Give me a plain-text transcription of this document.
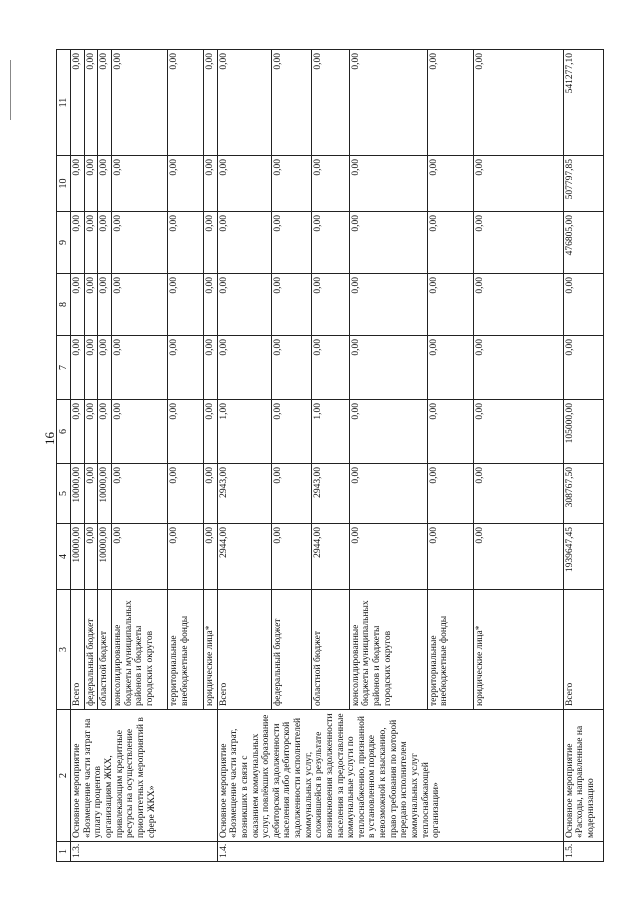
16
1	2	3	4	5	6	7	8	9	10	11
1.3.	Основное мероприятие «Возмещение части затрат на уплату процентов организациям ЖКХ, привлекающим кредитные ресурсы на осуществление приоритетных мероприятий в сфере ЖКХ»	Всего	10000,00	10000,00	0,00	0,00	0,00	0,00	0,00	0,00
		федеральный бюджет	0,00	0,00	0,00	0,00	0,00	0,00	0,00	0,00
		областной бюджет	10000,00	10000,00	0,00	0,00	0,00	0,00	0,00	0,00
		консолидированные бюджеты муниципальных районов и бюджеты городских округов	0,00	0,00	0,00	0,00	0,00	0,00	0,00	0,00
		территориальные внебюджетные фонды	0,00	0,00	0,00	0,00	0,00	0,00	0,00	0,00
		юридические лица*	0,00	0,00	0,00	0,00	0,00	0,00	0,00	0,00
1.4.	Основное мероприятие «Возмещение части затрат, возникших в связи с оказанием коммунальных услуг, повлёкших образование дебиторской задолженности населения либо дебиторской задолженности исполнителей коммунальных услуг, сложившейся в результате возникновения задолженности населения за предоставленные коммунальные услуги по теплоснабжению, признанной в установленном порядке невозможной к взысканию, право требования по которой передано исполнителем коммунальных услуг теплоснабжающей организации»	Всего	2944,00	2943,00	1,00	0,00	0,00	0,00	0,00	0,00
		федеральный бюджет	0,00	0,00	0,00	0,00	0,00	0,00	0,00	0,00
		областной бюджет	2944,00	2943,00	1,00	0,00	0,00	0,00	0,00	0,00
		консолидированные бюджеты муниципальных районов и бюджеты городских округов	0,00	0,00	0,00	0,00	0,00	0,00	0,00	0,00
		территориальные внебюджетные фонды	0,00	0,00	0,00	0,00	0,00	0,00	0,00	0,00
		юридические лица*	0,00	0,00	0,00	0,00	0,00	0,00	0,00	0,00
1.5.	Основное мероприятие «Расходы, направленные на модернизацию	Всего	1939647,45	308767,50	105000,00	0,00	0,00	476805,00	507797,85	541277,10
